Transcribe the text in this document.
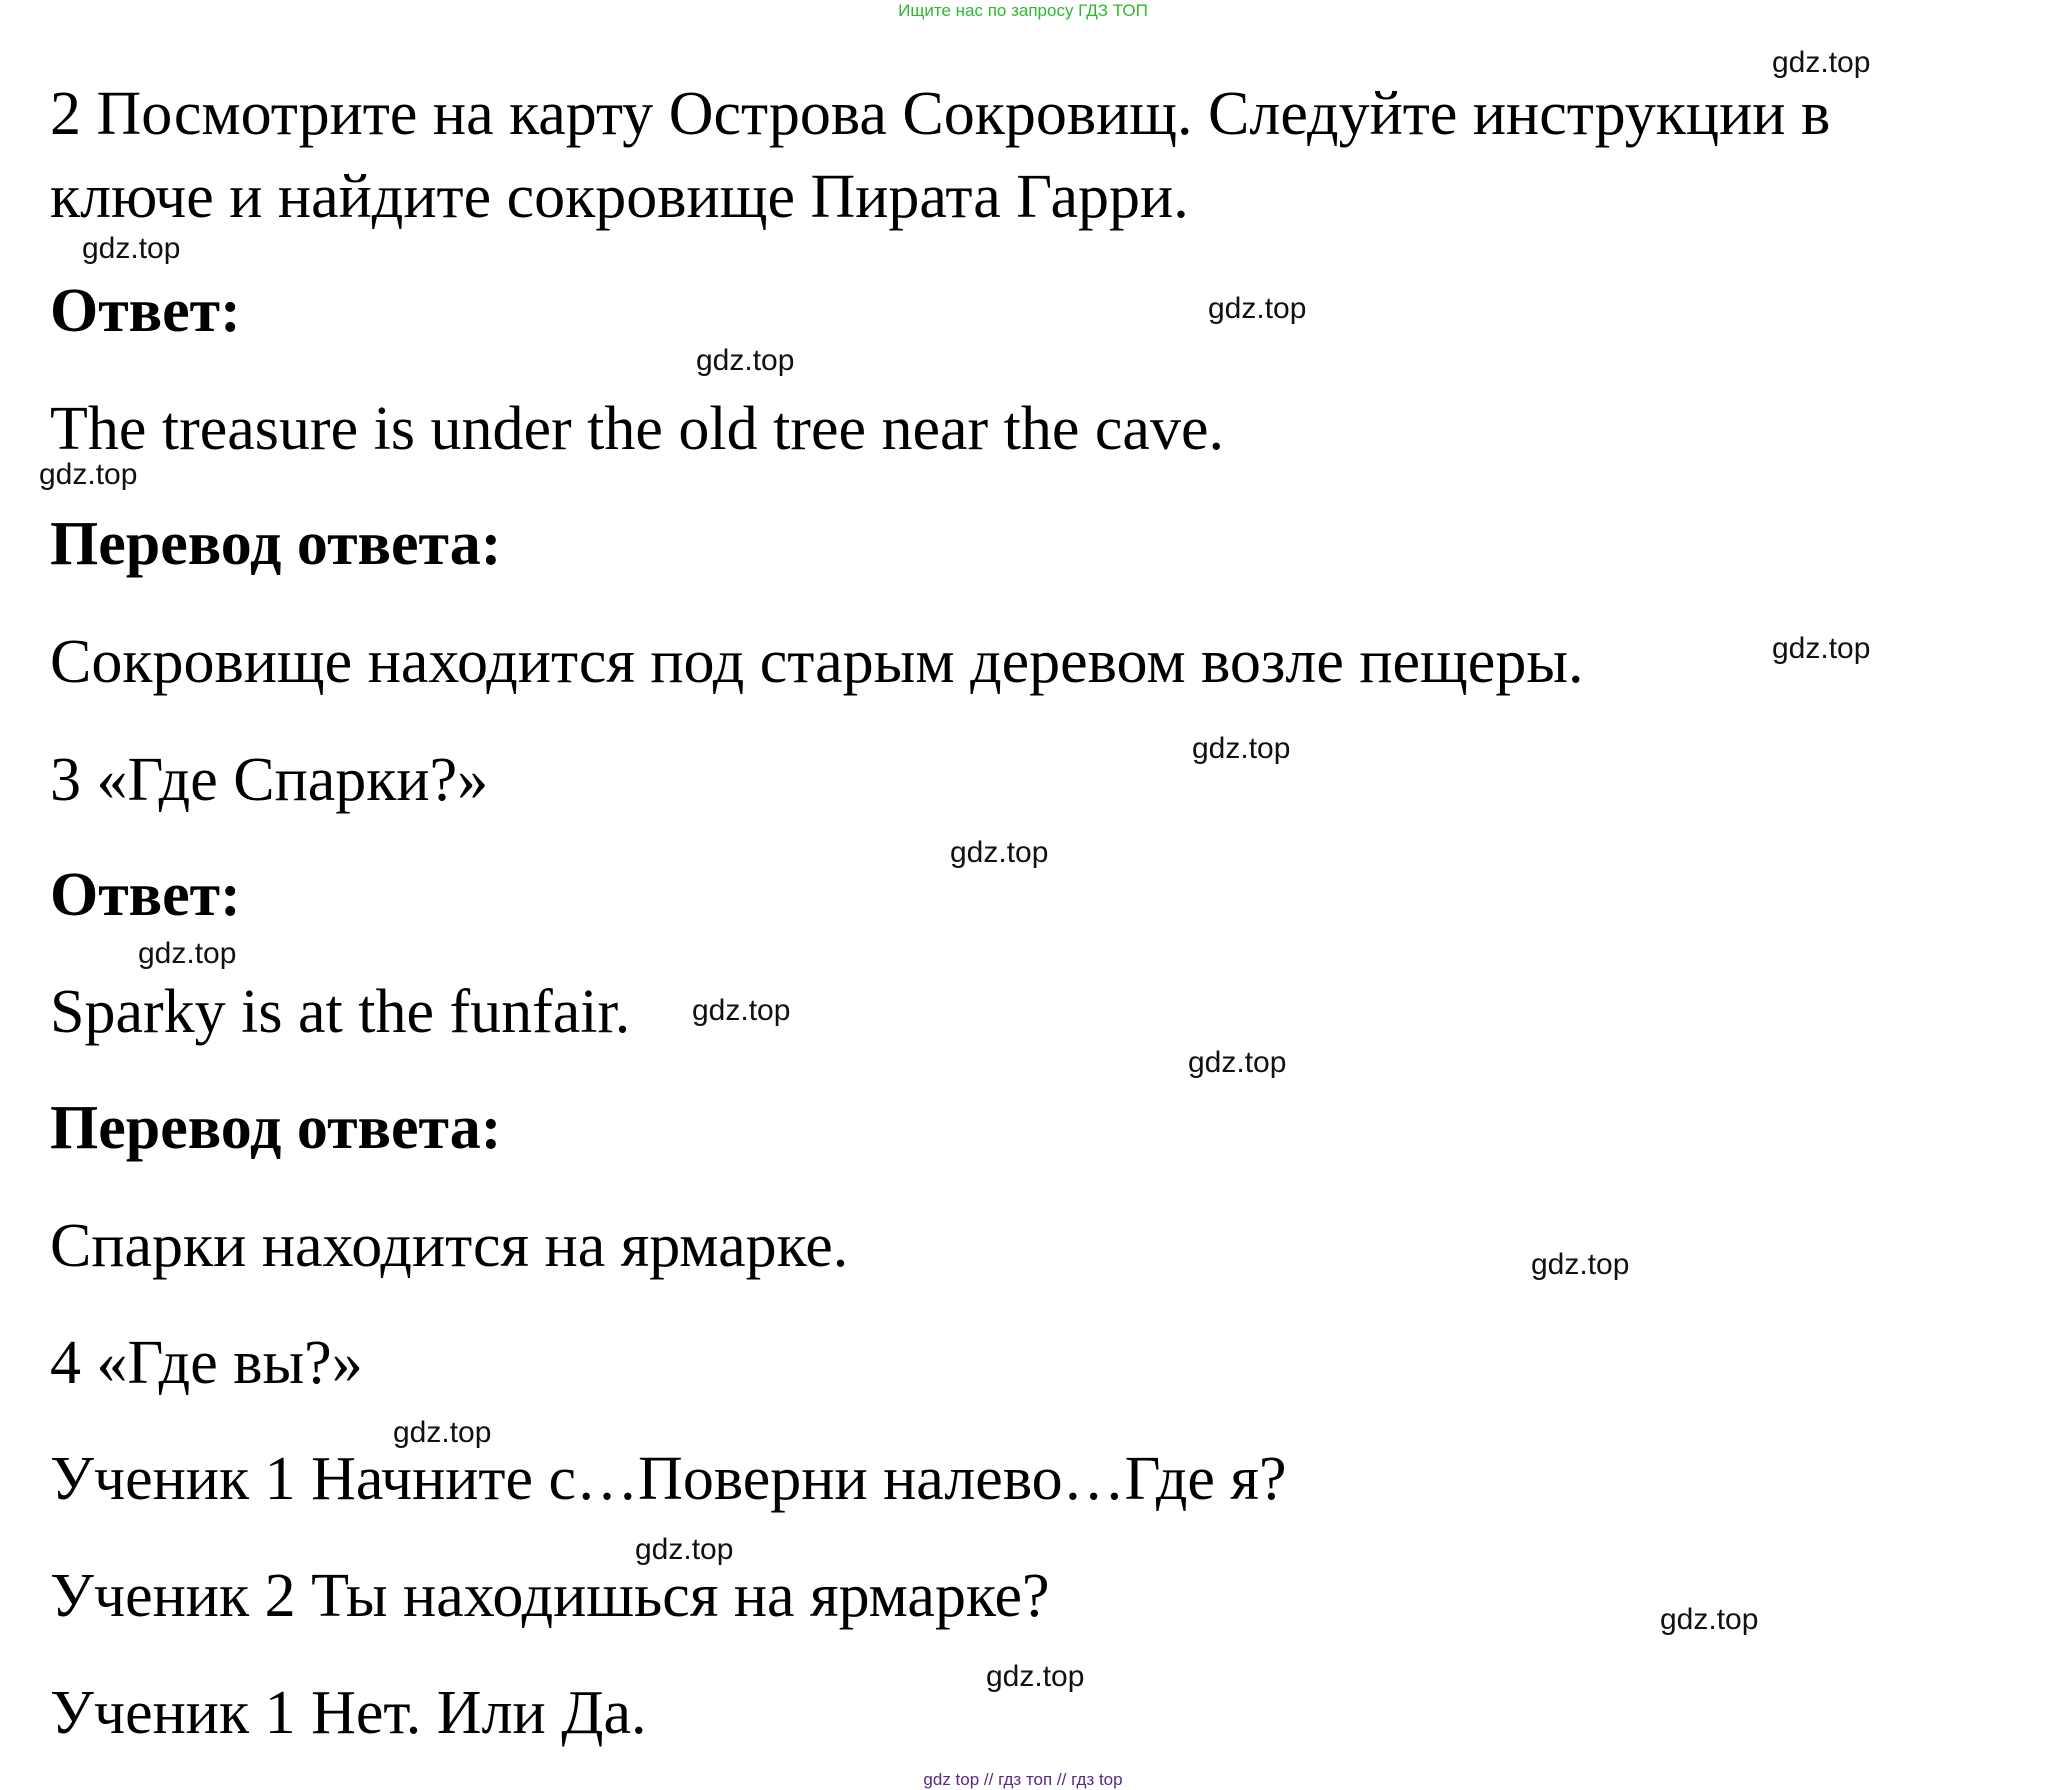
Ищите нас по запросу ГДЗ ТОП
2 Посмотрите на карту Острова Сокровищ. Следуйте инструкции в
ключе и найдите сокровище Пирата Гарри.
Ответ:
The treasure is under the old tree near the cave.
Перевод ответа:
Сокровище находится под старым деревом возле пещеры.
3 «Где Спарки?»
Ответ:
Sparky is at the funfair.
Перевод ответа:
Спарки находится на ярмарке.
4 «Где вы?»
Ученик 1 Начните с…Поверни налево…Где я?
Ученик 2 Ты находишься на ярмарке?
Ученик 1 Нет. Или Да.
gdz.top
gdz.top
gdz.top
gdz.top
gdz.top
gdz.top
gdz.top
gdz.top
gdz.top
gdz.top
gdz.top
gdz.top
gdz.top
gdz.top
gdz.top
gdz.top
gdz top // гдз топ // гдз top
